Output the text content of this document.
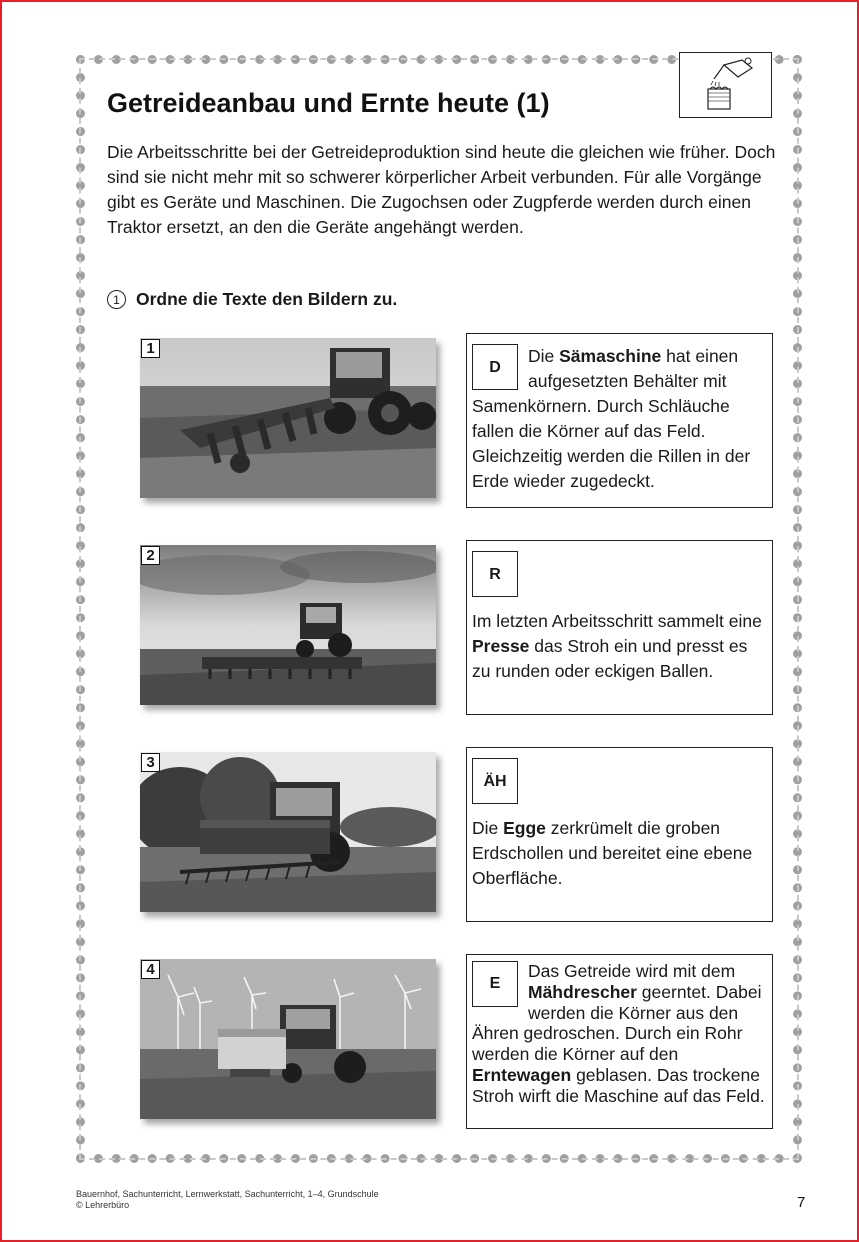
Getreideanbau und Ernte heute (1)

Die Arbeitsschritte bei der Getreideproduktion sind heute die gleichen wie früher. Doch sind sie nicht mehr mit so schwerer körperlicher Arbeit verbunden. Für alle Vorgänge gibt es Geräte und Maschinen. Die Zugochsen oder Zugpferde werden durch einen Traktor ersetzt, an den die Geräte angehängt werden.

1 Ordne die Texte den Bildern zu.
1
2
3
4
D
Die Sämaschine hat einen aufgesetzten Behälter mit Samenkörnern. Durch Schläuche fallen die Körner auf das Feld. Gleichzeitig werden die Rillen in der Erde wieder zugedeckt.
R
Im letzten Arbeitsschritt sammelt eine Presse das Stroh ein und presst es zu runden oder eckigen Ballen.
ÄH
Die Egge zerkrümelt die groben Erdschollen und bereitet eine ebene Oberfläche.
E
Das Getreide wird mit dem Mähdrescher geerntet. Dabei werden die Körner aus den Ähren gedroschen. Durch ein Rohr werden die Körner auf den Erntewagen geblasen. Das trockene Stroh wirft die Maschine auf das Feld.
Bauernhof, Sachunterricht, Lernwerkstatt, Sachunterricht, 1–4, Grundschule
© Lehrerbüro	7
